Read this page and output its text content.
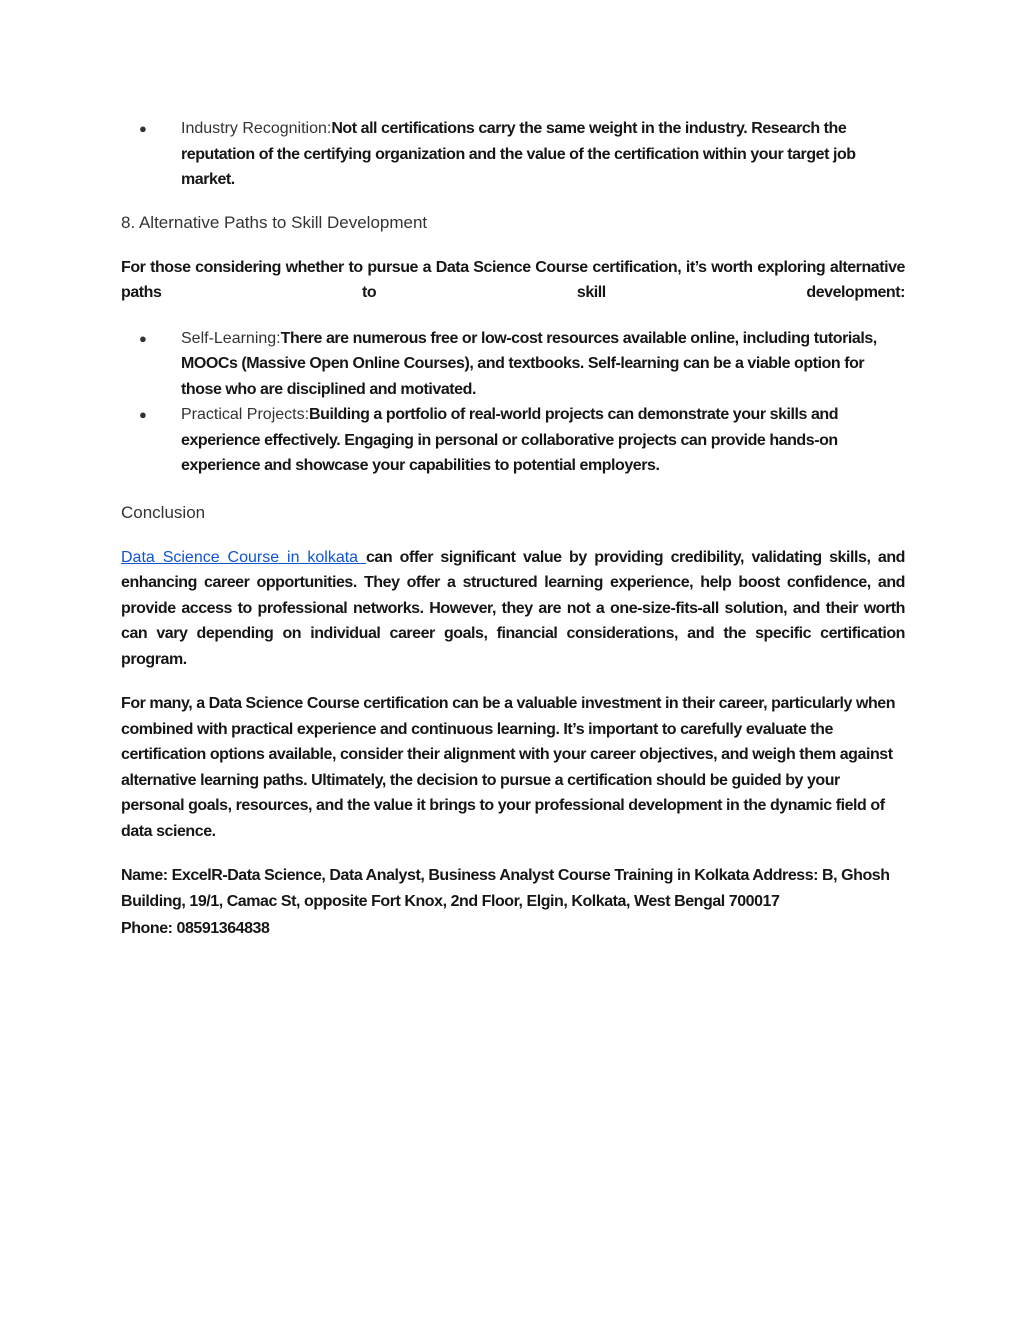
● Industry Recognition:Not all certifications carry the same weight in the industry. Research the reputation of the certifying organization and the value of the certification within your target job market.
8. Alternative Paths to Skill Development

For those considering whether to pursue a Data Science Course certification, it’s worth exploring alternative paths to skill development:

● Self-Learning:There are numerous free or low-cost resources available online, including tutorials, MOOCs (Massive Open Online Courses), and textbooks. Self-learning can be a viable option for those who are disciplined and motivated.
● Practical Projects:Building a portfolio of real-world projects can demonstrate your skills and experience effectively. Engaging in personal or collaborative projects can provide hands-on experience and showcase your capabilities to potential employers.
Conclusion

Data Science Course in kolkata can offer significant value by providing credibility, validating skills, and enhancing career opportunities. They offer a structured learning experience, help boost confidence, and provide access to professional networks. However, they are not a one-size-fits-all solution, and their worth can vary depending on individual career goals, financial considerations, and the specific certification program.

For many, a Data Science Course certification can be a valuable investment in their career, particularly when combined with practical experience and continuous learning. It’s important to carefully evaluate the certification options available, consider their alignment with your career objectives, and weigh them against alternative learning paths. Ultimately, the decision to pursue a certification should be guided by your personal goals, resources, and the value it brings to your professional development in the dynamic field of data science.

Name: ExcelR-Data Science, Data Analyst, Business Analyst Course Training in Kolkata Address: B, Ghosh Building, 19/1, Camac St, opposite Fort Knox, 2nd Floor, Elgin, Kolkata, West Bengal 700017
Phone: 08591364838
